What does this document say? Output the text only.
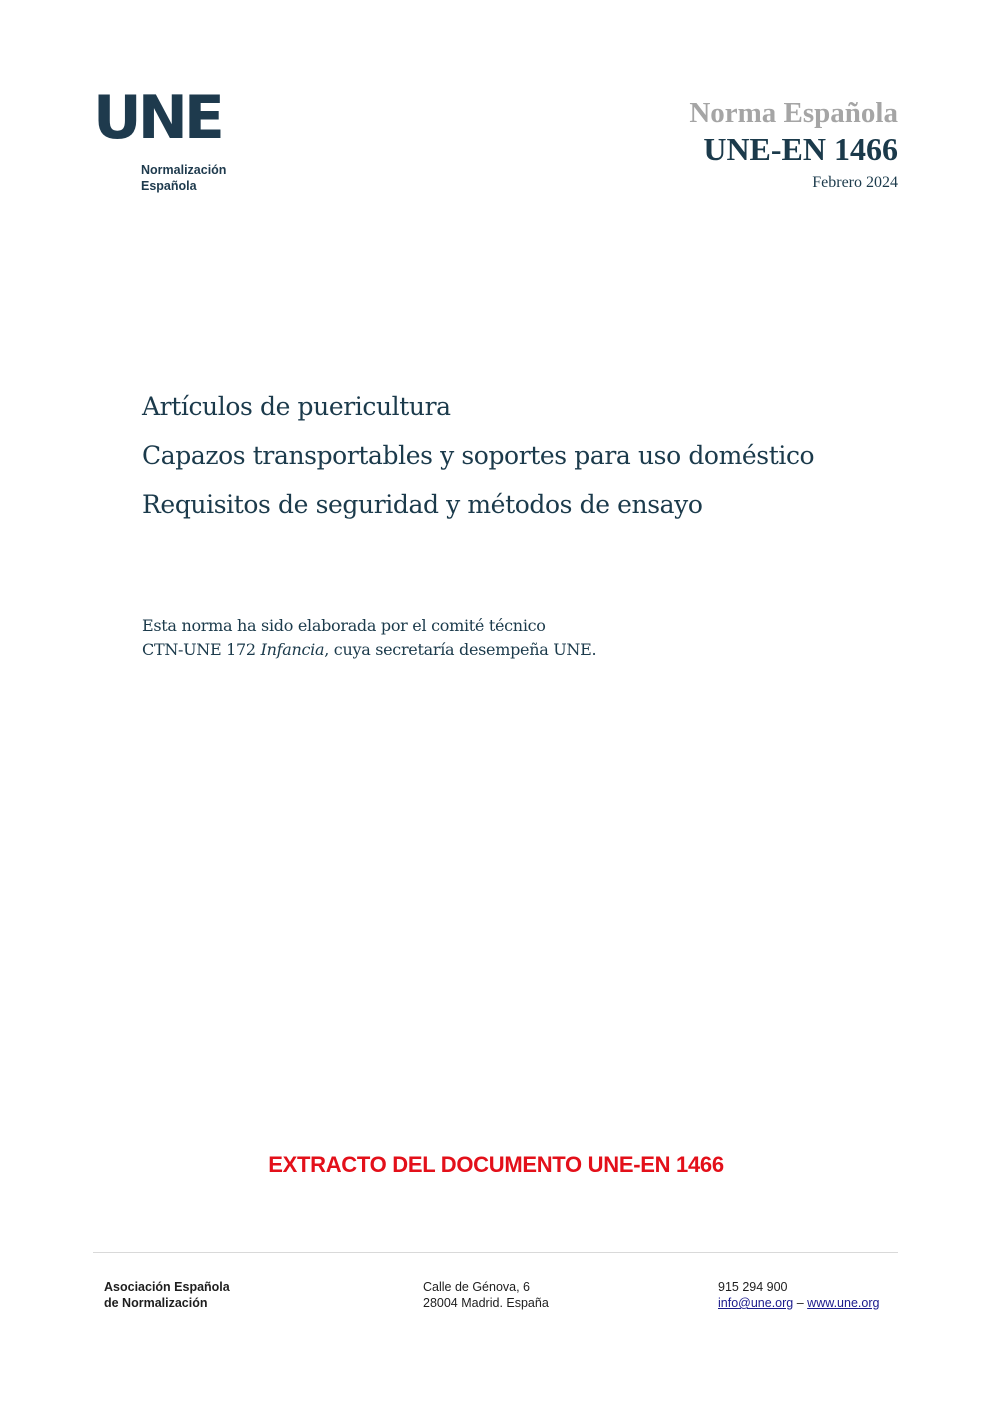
UNE
Normalización
Española
Norma Española
UNE-EN 1466
Febrero 2024
Artículos de puericultura
Capazos transportables y soportes para uso doméstico
Requisitos de seguridad y métodos de ensayo
Esta norma ha sido elaborada por el comité técnico
CTN-UNE 172 Infancia, cuya secretaría desempeña UNE.
EXTRACTO DEL DOCUMENTO UNE-EN 1466
Asociación Española
de Normalización
Calle de Génova, 6
28004 Madrid. España
915 294 900
info@une.org – www.une.org
